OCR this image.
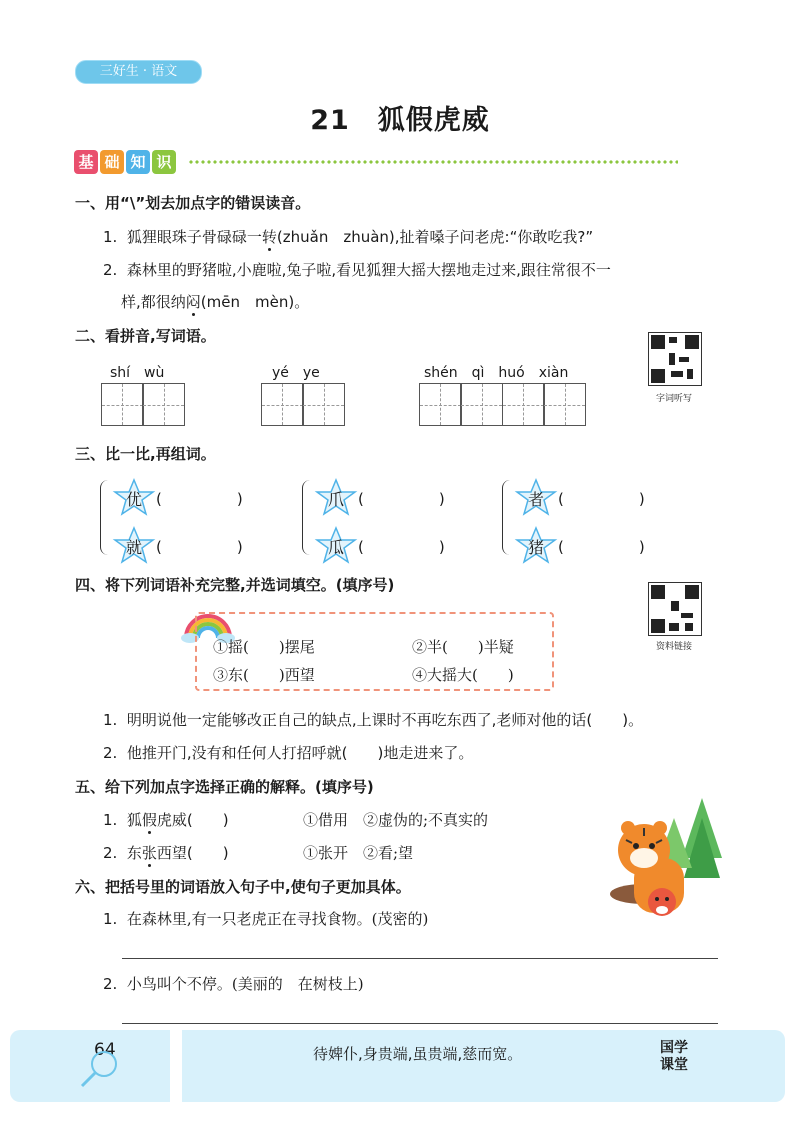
三好生 · 语文
21　狐假虎威
基 础 知 识
一、用“\”划去加点字的错误读音。
1. 狐狸眼珠子骨碌碌一转(zhuǎn　zhuàn),扯着嗓子问老虎:“你敢吃我?”
2. 森林里的野猪啦,小鹿啦,兔子啦,看见狐狸大摇大摆地走过来,跟往常很不一
样,都很纳闷(mēn　mèn)。
二、看拼音,写词语。
shí　wù	yé　ye	shén　qì　huó　xiàn
字词听写
三、比一比,再组词。
优 (　　　　　)
就 (　　　　　)
爪 (　　　　　)
瓜 (　　　　　)
者 (　　　　　)
猪 (　　　　　)
四、将下列词语补充完整,并选词填空。(填序号)
资料链接
①摇(　　)摆尾	②半(　　)半疑
③东(　　)西望	④大摇大(　　)
1. 明明说他一定能够改正自己的缺点,上课时不再吃东西了,老师对他的话(　　)。
2. 他推开门,没有和任何人打招呼就(　　)地走进来了。
五、给下列加点字选择正确的解释。(填序号)
1. 狐假虎威(　　)	①借用　②虚伪的;不真实的
2. 东张西望(　　)	①张开　②看;望
六、把括号里的词语放入句子中,使句子更加具体。
1. 在森林里,有一只老虎正在寻找食物。(茂密的)
2. 小鸟叫个不停。(美丽的　在树枝上)
64	待婢仆,身贵端,虽贵端,慈而宽。	国学
课堂
